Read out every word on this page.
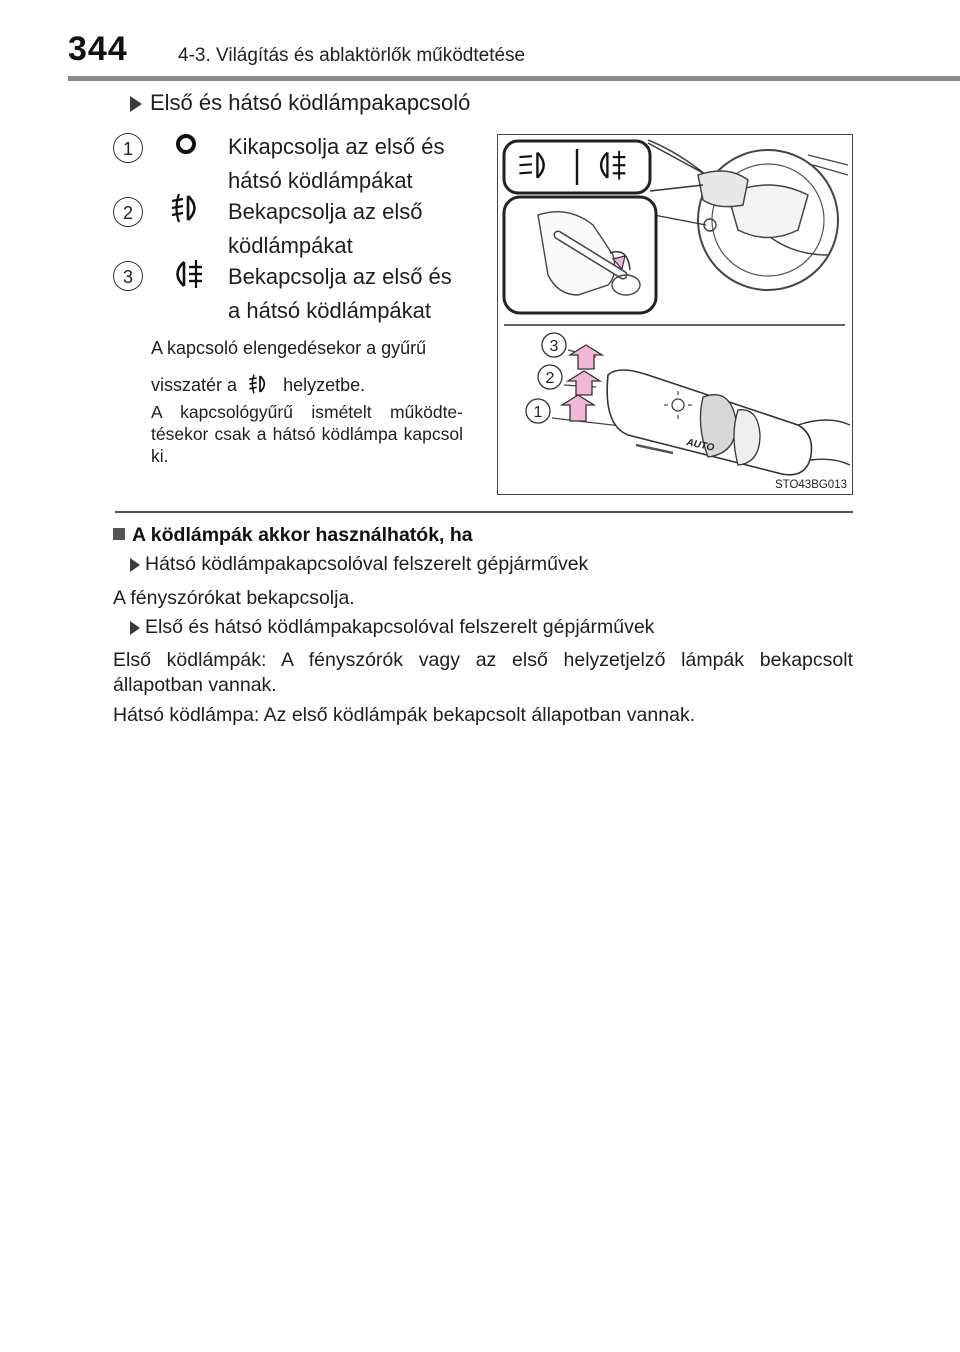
344	4-3. Világítás és ablaktörlők működtetése
Első és hátsó ködlámpakapcsoló
1	Kikapcsolja az első és
hátsó ködlámpákat
2	Bekapcsolja az első
ködlámpákat
3	Bekapcsolja az első és
a hátsó ködlámpákat
A kapcsoló elengedésekor a gyűrű
visszatér a	helyzetbe.
A kapcsológyűrű ismételt működte-tésekor csak a hátsó ködlámpa kapcsol ki.
3
2
1
AUTO
STO43BG013
A ködlámpák akkor használhatók, ha
Hátsó ködlámpakapcsolóval felszerelt gépjárművek
A fényszórókat bekapcsolja.
Első és hátsó ködlámpakapcsolóval felszerelt gépjárművek
Első ködlámpák: A fényszórók vagy az első helyzetjelző lámpák bekapcsolt állapotban vannak.
Hátsó ködlámpa: Az első ködlámpák bekapcsolt állapotban vannak.
